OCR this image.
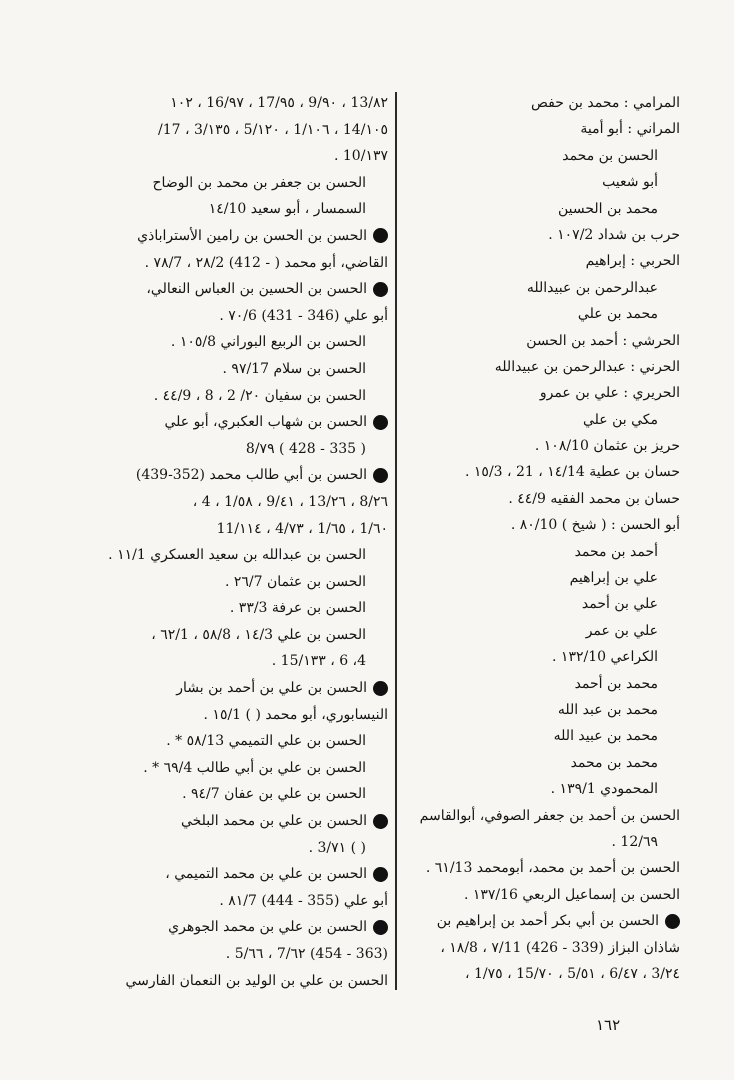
المرامي : محمد بن حفص
المراني : أبو أمية
الحسن بن محمد
أبو شعيب
محمد بن الحسين
حرب بن شداد ١٠٧/2 .
الحربي : إبراهيم
عبدالرحمن بن عبيدالله
محمد بن علي
الحرشي : أحمد بن الحسن
الحرني : عبدالرحمن بن عبيدالله
الحريري : علي بن عمرو
مكي بن علي
حريز بن عثمان ١٠٨/10 .
حسان بن عطية ١٤/14 ، 21 ، ١٥/3 .
حسان بن محمد الفقيه ٤٤/9 .
أبو الحسن : ( شيخ ) ٨٠/10 .
أحمد بن محمد
علي بن إبراهيم
علي بن أحمد
علي بن عمر
الكراعي ١٣٢/10 .
محمد بن أحمد
محمد بن عبد الله
محمد بن عبيد الله
محمد بن محمد
المحمودي ١٣٩/1 .
الحسن بن أحمد بن جعفر الصوفي، أبوالقاسم
٦٩/12 .
الحسن بن أحمد بن محمد، أبومحمد ٦١/13 .
الحسن بن إسماعيل الربعي ١٣٧/16 .
الحسن بن أبي بكر أحمد بن إبراهيم بن
شاذان البزاز (339 - 426) ٧/11 ، ١٨/8 ،
٢٤/3 ، ٤٧/6 ، ٥١/5 ، ٧٠/15 ، ٧٥/1 ،
٨٢/13 ، ٩٠/9 ، ٩٥/17 ، ٩٧/16 ، ١٠٢
١٠٥/14 ، ١٠٦/1 ، ١٢٠/5 ، ١٣٥/3 ، 17/
١٣٧/10 .
الحسن بن جعفر بن محمد بن الوضاح
السمسار ، أبو سعيد ١٤/10
الحسن بن الحسن بن رامين الأستراباذي
القاضي، أبو محمد ( - 412) ٢٨/2 ، ٧٨/7 .
الحسن بن الحسين بن العباس النعالي،
أبو علي (346 - 431) ٧٠/6 .
الحسن بن الربيع البوراني ١٠٥/8 .
الحسن بن سلام ٩٧/17 .
الحسن بن سفيان ٢٠/ 2 ، 8 ، ٤٤/9 .
الحسن بن شهاب العكبري، أبو علي
( 335 - 428 ) ٧٩/8
الحسن بن أبي طالب محمد (352-439)
٢٦/8 ، ٢٦/13 ، ٤١/9 ، ٥٨/1 ، 4 ،
٦٠/1 ، ٦٥/1 ، ٧٣/4 ، ١١٤/11
الحسن بن عبدالله بن سعيد العسكري ١١/1 .
الحسن بن عثمان ٢٦/7 .
الحسن بن عرفة ٣٣/3 .
الحسن بن علي ١٤/3 ، ٥٨/8 ، ٦٢/1 ،
4، 6 ، ١٣٣/15 .
الحسن بن علي بن أحمد بن بشار
النيسابوري، أبو محمد ( ) ١٥/1 .
الحسن بن علي التميمي ٥٨/13 * .
الحسن بن علي بن أبي طالب ٦٩/4 * .
الحسن بن علي بن عفان ٩٤/7 .
الحسن بن علي بن محمد البلخي
( ) ٧١/3 .
الحسن بن علي بن محمد التميمي ،
أبو علي (355 - 444) ٨١/7 .
الحسن بن علي بن محمد الجوهري
(363 - 454) ٦٢/7 ، ٦٦/5 .
الحسن بن علي بن الوليد بن النعمان الفارسي
١٦٢
